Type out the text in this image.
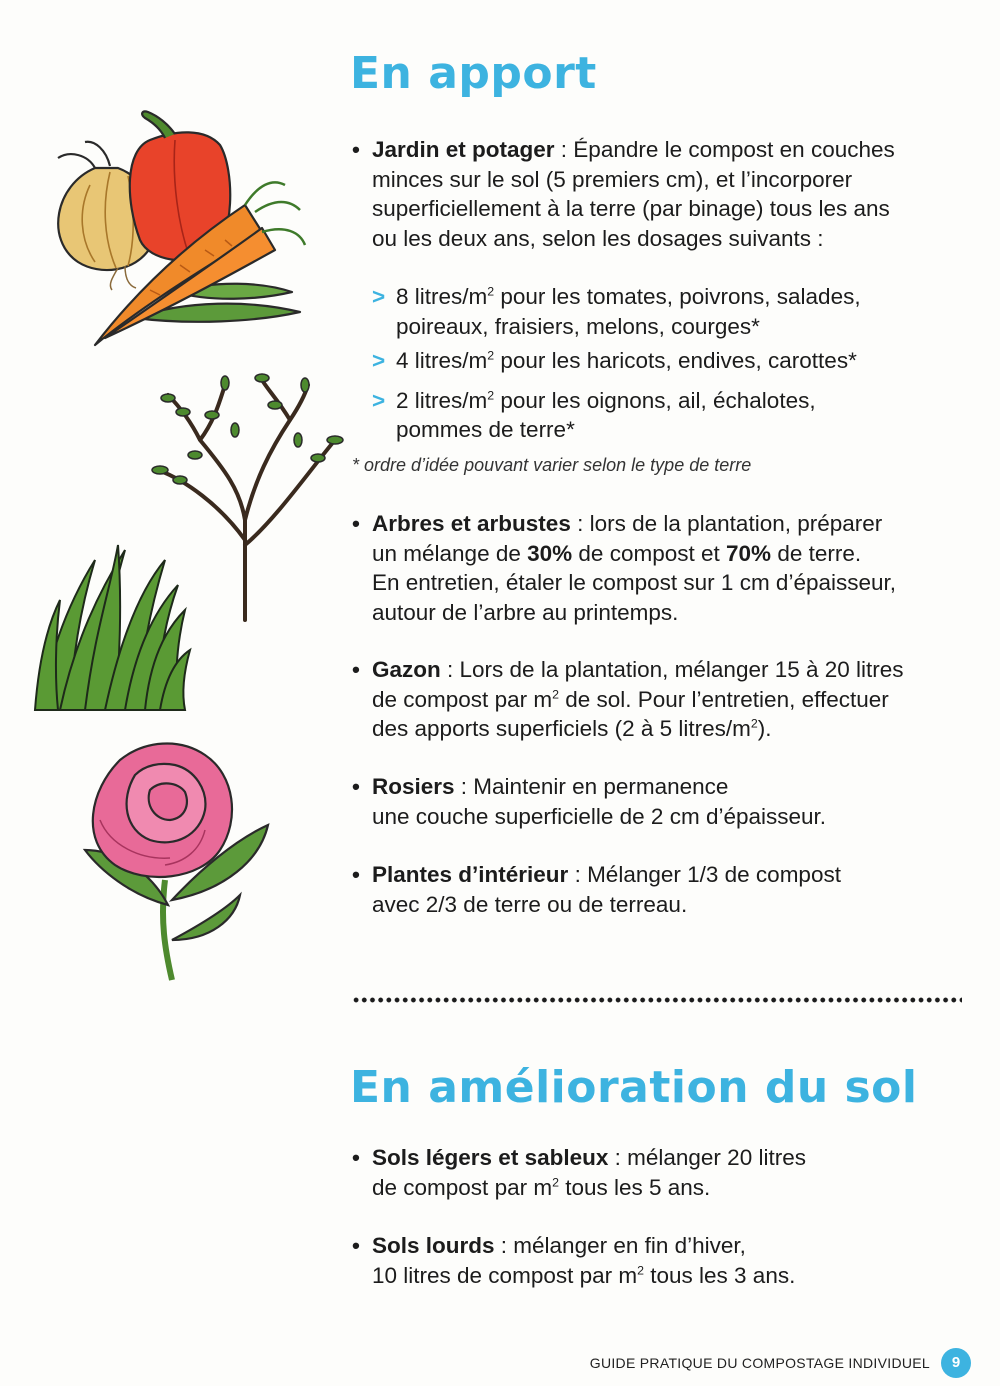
En apport
• Jardin et potager : Épandre le compost en couches
minces sur le sol (5 premiers cm), et l’incorporer
superficiellement à la terre (par binage) tous les ans
ou les deux ans, selon les dosages suivants :
> 8 litres/$m^2$ pour les tomates, poivrons, salades,
poireaux, fraisiers, melons, courges*
> 4 litres/$m^2$ pour les haricots, endives, carottes*
> 2 litres/$m^2$ pour les oignons, ail, échalotes,
pommes de terre*
* ordre d’idée pouvant varier selon le type de terre
• Arbres et arbustes : lors de la plantation, préparer
un mélange de 30% de compost et 70% de terre.
En entretien, étaler le compost sur 1 cm d’épaisseur,
autour de l’arbre au printemps.
• Gazon : Lors de la plantation, mélanger 15 à 20 litres
de compost par $m^2$ de sol. Pour l’entretien, effectuer
des apports superficiels (2 à 5 litres/$m^2$).
• Rosiers : Maintenir en permanence
une couche superficielle de 2 cm d’épaisseur.
• Plantes d’intérieur : Mélanger 1/3 de compost
avec 2/3 de terre ou de terreau.
En amélioration du sol
• Sols légers et sableux : mélanger 20 litres
de compost par $m^2$ tous les 5 ans.
• Sols lourds : mélanger en fin d’hiver,
10 litres de compost par $m^2$ tous les 3 ans.
GUIDE PRATIQUE DU COMPOSTAGE INDIVIDUEL	9
